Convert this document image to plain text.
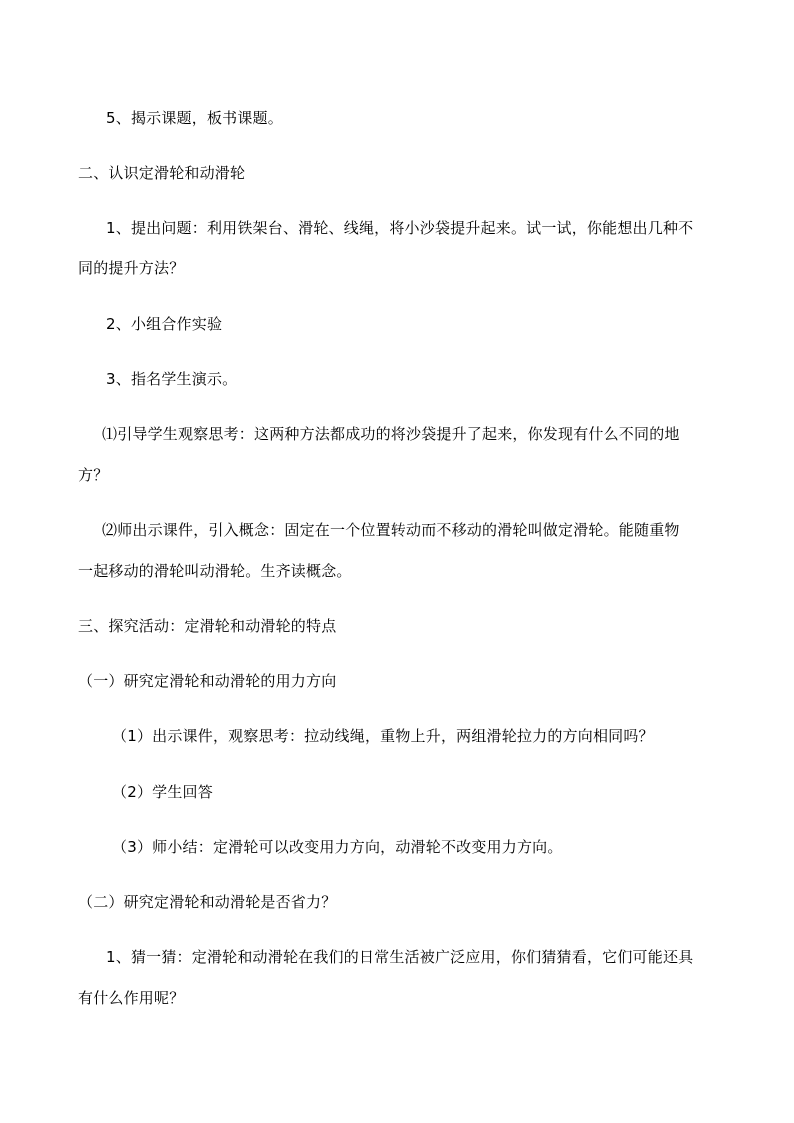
5、揭示课题，板书课题。
二、认识定滑轮和动滑轮
1、提出问题：利用铁架台、滑轮、线绳，将小沙袋提升起来。试一试，你能想出几种不
同的提升方法？
2、小组合作实验
3、指名学生演示。
⑴引导学生观察思考：这两种方法都成功的将沙袋提升了起来，你发现有什么不同的地
方？
⑵师出示课件，引入概念：固定在一个位置转动而不移动的滑轮叫做定滑轮。能随重物
一起移动的滑轮叫动滑轮。生齐读概念。
三、探究活动：定滑轮和动滑轮的特点
（一）研究定滑轮和动滑轮的用力方向
（1）出示课件，观察思考：拉动线绳，重物上升，两组滑轮拉力的方向相同吗？
（2）学生回答
（3）师小结：定滑轮可以改变用力方向，动滑轮不改变用力方向。
（二）研究定滑轮和动滑轮是否省力？
1、猜一猜：定滑轮和动滑轮在我们的日常生活被广泛应用，你们猜猜看，它们可能还具
有什么作用呢？
